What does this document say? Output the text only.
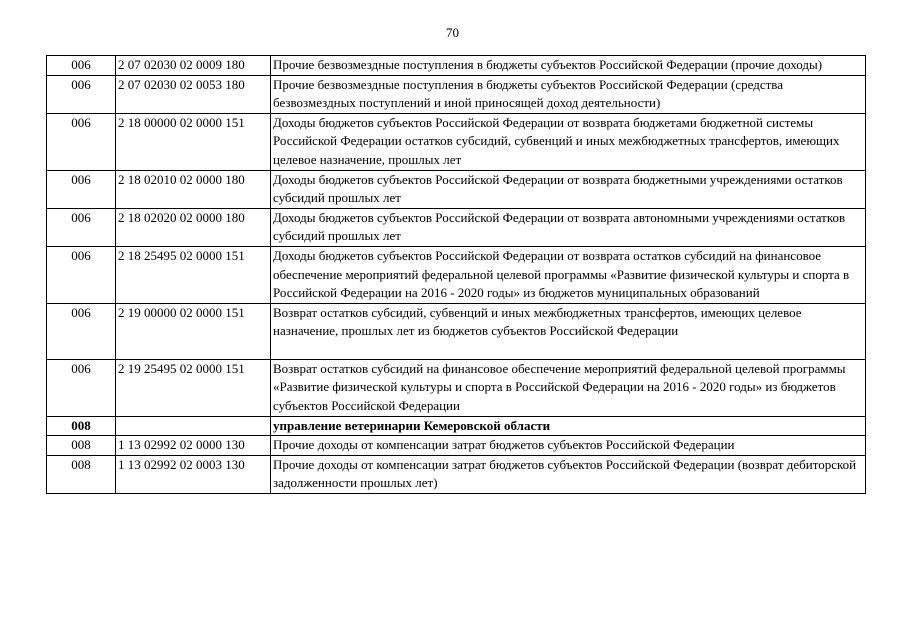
70
006	2 07 02030 02 0009 180	Прочие безвозмездные поступления в бюджеты субъектов Российской Федерации (прочие доходы)
006	2 07 02030 02 0053 180	Прочие безвозмездные поступления в бюджеты субъектов Российской Федерации (средства безвозмездных поступлений и иной приносящей доход деятельности)
006	2 18 00000 02 0000 151	Доходы бюджетов субъектов Российской Федерации от возврата бюджетами бюджетной системы Российской Федерации остатков субсидий, субвенций и иных межбюджетных трансфертов, имеющих целевое назначение, прошлых лет
006	2 18 02010 02 0000 180	Доходы бюджетов субъектов Российской Федерации от возврата бюджетными учреждениями остатков субсидий прошлых лет
006	2 18 02020 02 0000 180	Доходы бюджетов субъектов Российской Федерации от возврата автономными учреждениями остатков субсидий прошлых лет
006	2 18 25495 02 0000 151	Доходы бюджетов субъектов Российской Федерации от возврата остатков субсидий на финансовое обеспечение мероприятий федеральной целевой программы «Развитие физической культуры и спорта в Российской Федерации на 2016 - 2020 годы» из бюджетов муниципальных образований
006	2 19 00000 02 0000 151	Возврат остатков субсидий, субвенций и иных межбюджетных трансфертов, имеющих целевое назначение, прошлых лет из бюджетов субъектов Российской Федерации
006	2 19 25495 02 0000 151	Возврат остатков субсидий на финансовое обеспечение мероприятий федеральной целевой программы «Развитие физической культуры и спорта в Российской Федерации на 2016 - 2020 годы» из бюджетов субъектов Российской Федерации
008		управление ветеринарии Кемеровской области
008	1 13 02992 02 0000 130	Прочие доходы от компенсации затрат бюджетов субъектов Российской Федерации
008	1 13 02992 02 0003 130	Прочие доходы от компенсации затрат бюджетов субъектов Российской Федерации (возврат дебиторской задолженности прошлых лет)
